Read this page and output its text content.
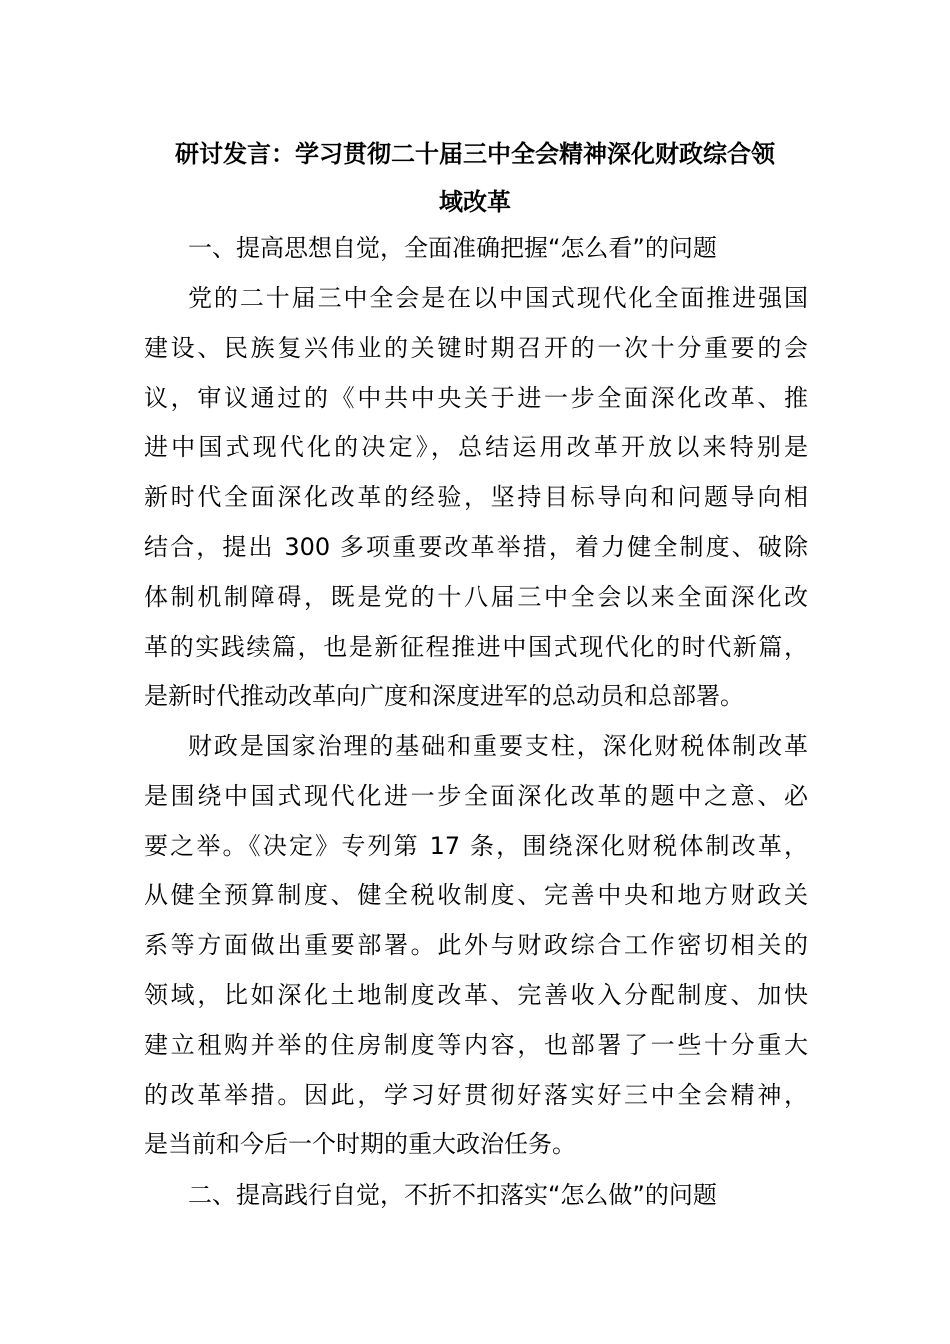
研讨发言：学习贯彻二十届三中全会精神深化财政综合领
域改革

一、提高思想自觉，全面准确把握“怎么看”的问题

党的二十届三中全会是在以中国式现代化全面推进强国
建设、民族复兴伟业的关键时期召开的一次十分重要的会
议，审议通过的《中共中央关于进一步全面深化改革、推
进中国式现代化的决定》，总结运用改革开放以来特别是
新时代全面深化改革的经验，坚持目标导向和问题导向相
结合，提出 300 多项重要改革举措，着力健全制度、破除
体制机制障碍，既是党的十八届三中全会以来全面深化改
革的实践续篇，也是新征程推进中国式现代化的时代新篇，
是新时代推动改革向广度和深度进军的总动员和总部署。
财政是国家治理的基础和重要支柱，深化财税体制改革
是围绕中国式现代化进一步全面深化改革的题中之意、必
要之举。《决定》专列第 17 条，围绕深化财税体制改革，
从健全预算制度、健全税收制度、完善中央和地方财政关
系等方面做出重要部署。此外与财政综合工作密切相关的
领域，比如深化土地制度改革、完善收入分配制度、加快
建立租购并举的住房制度等内容，也部署了一些十分重大
的改革举措。因此，学习好贯彻好落实好三中全会精神，
是当前和今后一个时期的重大政治任务。

二、提高践行自觉，不折不扣落实“怎么做”的问题
